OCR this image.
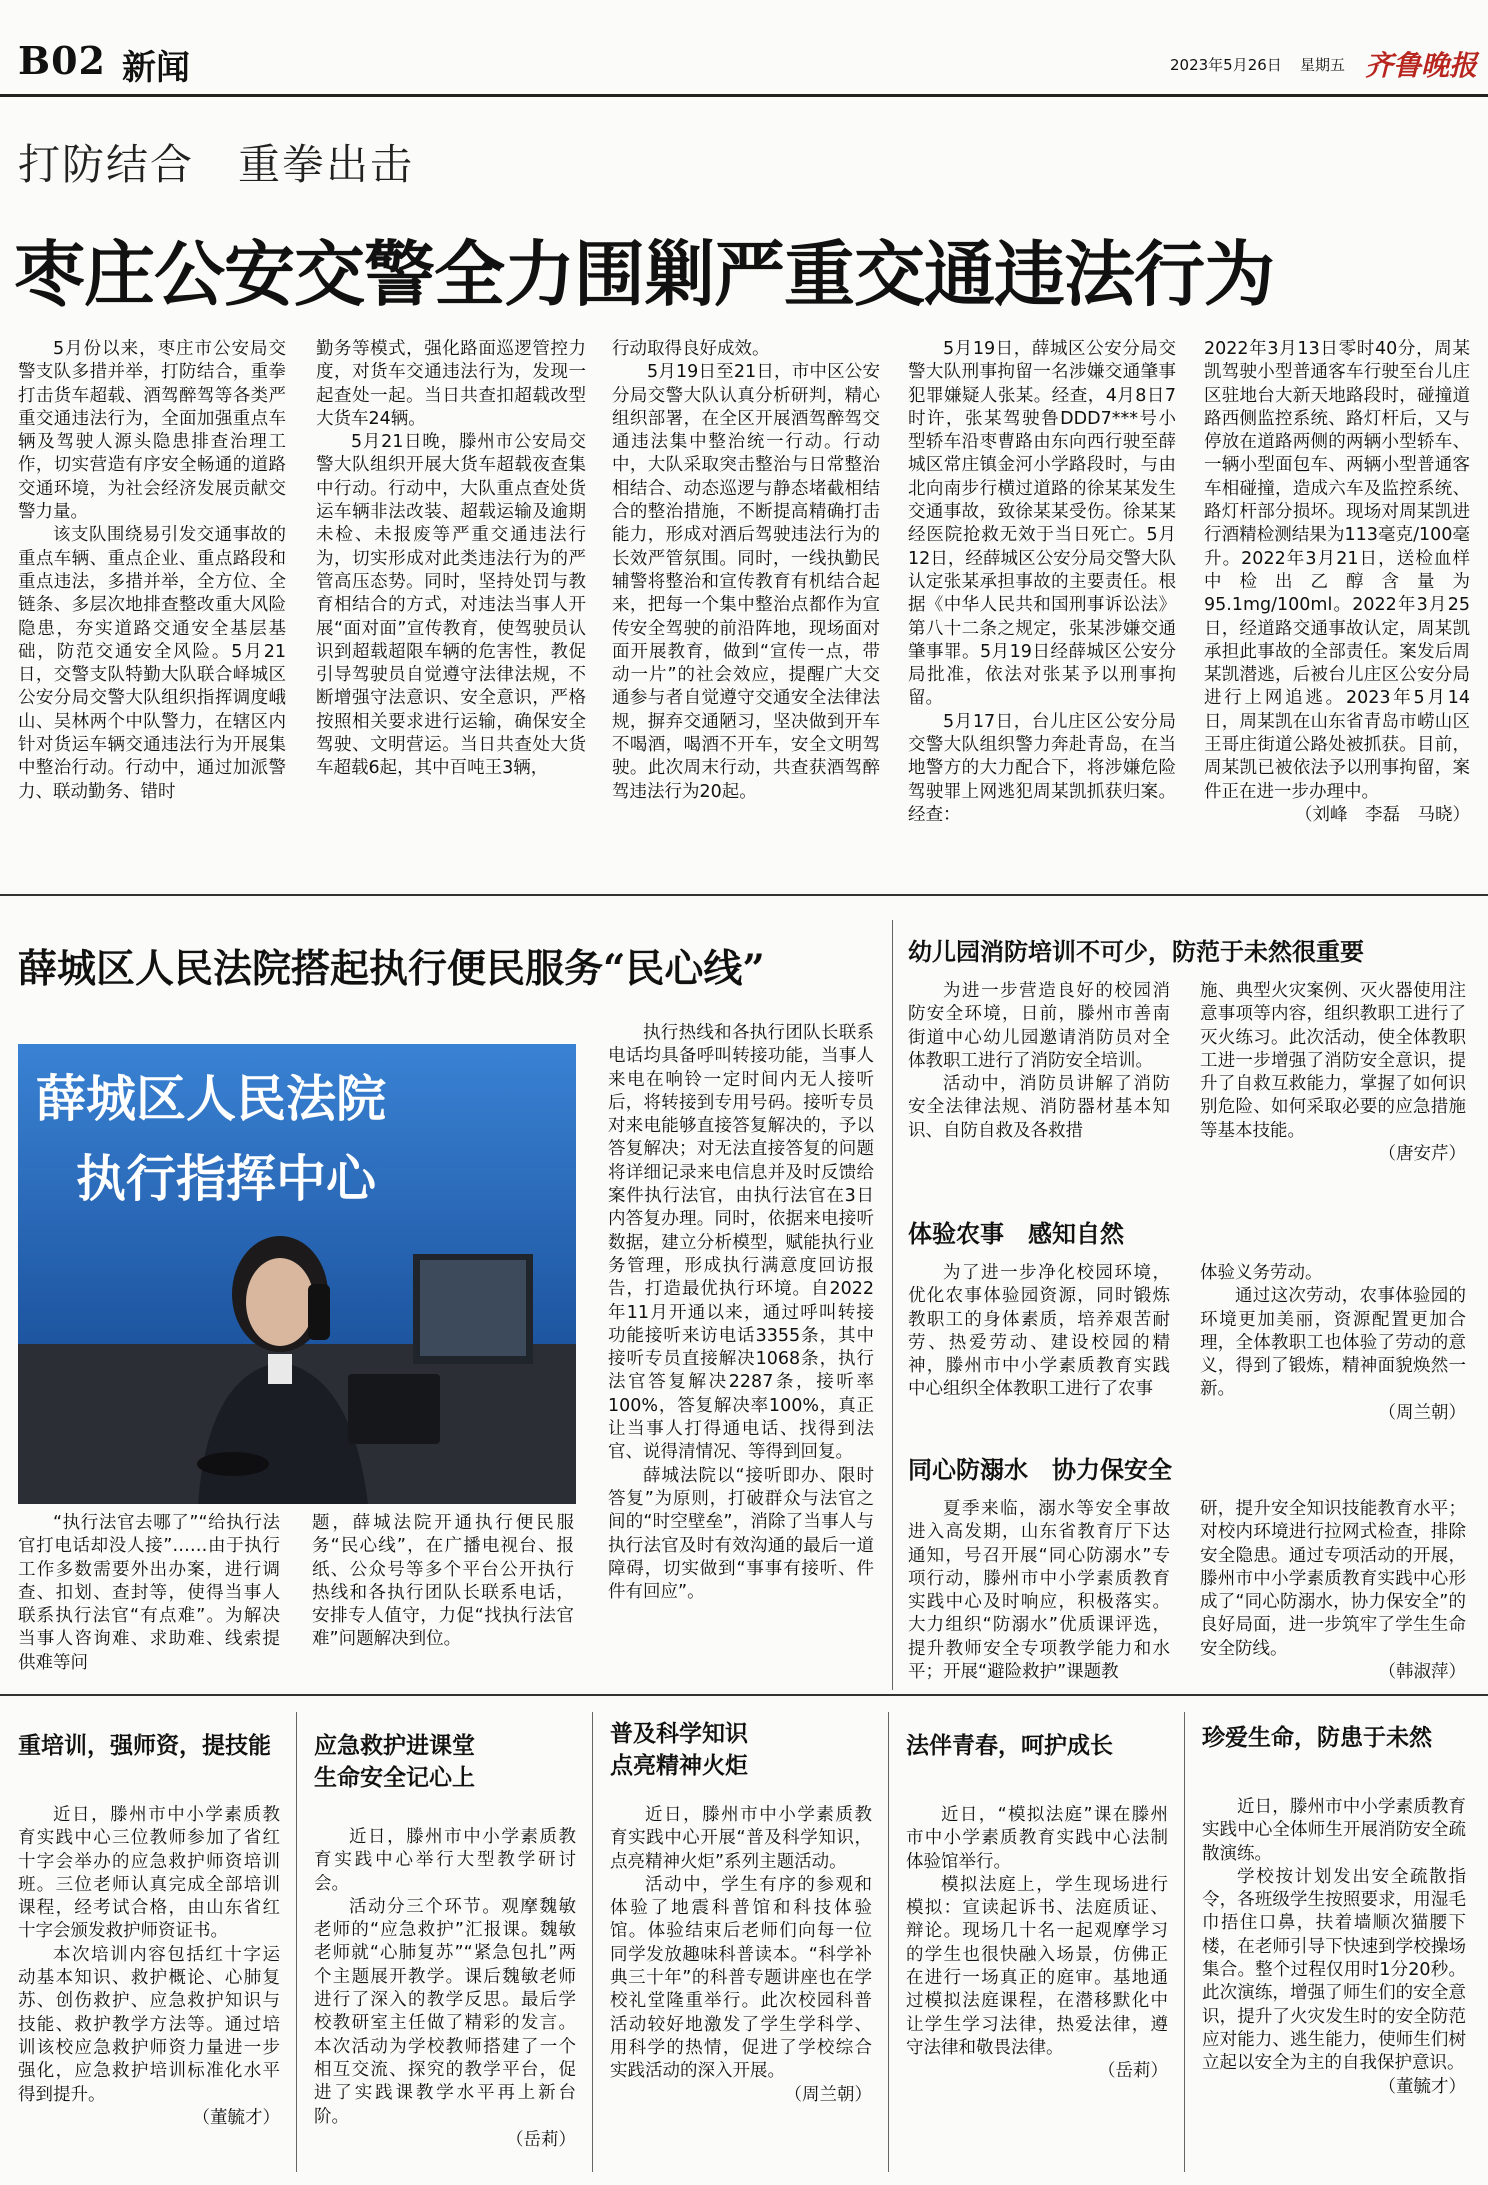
B02 新闻	2023年5月26日 星期五 齐鲁晚报
打防结合　重拳出击
枣庄公安交警全力围剿严重交通违法行为

5月份以来，枣庄市公安局交警支队多措并举，打防结合，重拳打击货车超载、酒驾醉驾等各类严重交通违法行为，全面加强重点车辆及驾驶人源头隐患排查治理工作，切实营造有序安全畅通的道路交通环境，为社会经济发展贡献交警力量。

该支队围绕易引发交通事故的重点车辆、重点企业、重点路段和重点违法，多措并举，全方位、全链条、多层次地排查整改重大风险隐患，夯实道路交通安全基层基础，防范交通安全风险。5月21日，交警支队特勤大队联合峄城区公安分局交警大队组织指挥调度峨山、吴林两个中队警力，在辖区内针对货运车辆交通违法行为开展集中整治行动。行动中，通过加派警力、联动勤务、错时

勤务等模式，强化路面巡逻管控力度，对货车交通违法行为，发现一起查处一起。当日共查扣超载改型大货车24辆。

5月21日晚，滕州市公安局交警大队组织开展大货车超载夜查集中行动。行动中，大队重点查处货运车辆非法改装、超载运输及逾期未检、未报废等严重交通违法行为，切实形成对此类违法行为的严管高压态势。同时，坚持处罚与教育相结合的方式，对违法当事人开展“面对面”宣传教育，使驾驶员认识到超载超限车辆的危害性，教促引导驾驶员自觉遵守法律法规，不断增强守法意识、安全意识，严格按照相关要求进行运输，确保安全驾驶、文明营运。当日共查处大货车超载6起，其中百吨王3辆，

行动取得良好成效。

5月19日至21日，市中区公安分局交警大队认真分析研判，精心组织部署，在全区开展酒驾醉驾交通违法集中整治统一行动。行动中，大队采取突击整治与日常整治相结合、动态巡逻与静态堵截相结合的整治措施，不断提高精确打击能力，形成对酒后驾驶违法行为的长效严管氛围。同时，一线执勤民辅警将整治和宣传教育有机结合起来，把每一个集中整治点都作为宣传安全驾驶的前沿阵地，现场面对面开展教育，做到“宣传一点，带动一片”的社会效应，提醒广大交通参与者自觉遵守交通安全法律法规，摒弃交通陋习，坚决做到开车不喝酒，喝酒不开车，安全文明驾驶。此次周末行动，共查获酒驾醉驾违法行为20起。

5月19日，薛城区公安分局交警大队刑事拘留一名涉嫌交通肇事犯罪嫌疑人张某。经查，4月8日7时许，张某驾驶鲁DDD7***号小型轿车沿枣曹路由东向西行驶至薛城区常庄镇金河小学路段时，与由北向南步行横过道路的徐某某发生交通事故，致徐某某受伤。徐某某经医院抢救无效于当日死亡。5月12日，经薛城区公安分局交警大队认定张某承担事故的主要责任。根据《中华人民共和国刑事诉讼法》第八十二条之规定，张某涉嫌交通肇事罪。5月19日经薛城区公安分局批准，依法对张某予以刑事拘留。

5月17日，台儿庄区公安分局交警大队组织警力奔赴青岛，在当地警方的大力配合下，将涉嫌危险驾驶罪上网逃犯周某凯抓获归案。经查：

2022年3月13日零时40分，周某凯驾驶小型普通客车行驶至台儿庄区驻地台大新天地路段时，碰撞道路西侧监控系统、路灯杆后，又与停放在道路两侧的两辆小型轿车、一辆小型面包车、两辆小型普通客车相碰撞，造成六车及监控系统、路灯杆部分损坏。现场对周某凯进行酒精检测结果为113毫克/100毫升。2022年3月21日，送检血样中检出乙醇含量为95.1mg/100ml。2022年3月25日，经道路交通事故认定，周某凯承担此事故的全部责任。案发后周某凯潜逃，后被台儿庄区公安分局进行上网追逃。2023年5月14日，周某凯在山东省青岛市崂山区王哥庄街道公路处被抓获。目前，周某凯已被依法予以刑事拘留，案件正在进一步办理中。

（刘峰　李磊　马晓）
薛城区人民法院搭起执行便民服务“民心线”
薛城区人民法院
执行指挥中心

“执行法官去哪了”“给执行法官打电话却没人接”……由于执行工作多数需要外出办案，进行调查、扣划、查封等，使得当事人联系执行法官“有点难”。为解决当事人咨询难、求助难、线索提供难等问

题，薛城法院开通执行便民服务“民心线”，在广播电视台、报纸、公众号等多个平台公开执行热线和各执行团队长联系电话，安排专人值守，力促“找执行法官难”问题解决到位。

执行热线和各执行团队长联系电话均具备呼叫转接功能，当事人来电在响铃一定时间内无人接听后，将转接到专用号码。接听专员对来电能够直接答复解决的，予以答复解决；对无法直接答复的问题将详细记录来电信息并及时反馈给案件执行法官，由执行法官在3日内答复办理。同时，依据来电接听数据，建立分析模型，赋能执行业务管理，形成执行满意度回访报告，打造最优执行环境。自2022年11月开通以来，通过呼叫转接功能接听来访电话3355条，其中接听专员直接解决1068条，执行法官答复解决2287条，接听率100%，答复解决率100%，真正让当事人打得通电话、找得到法官、说得清情况、等得到回复。

薛城法院以“接听即办、限时答复”为原则，打破群众与法官之间的“时空壁垒”，消除了当事人与执行法官及时有效沟通的最后一道障碍，切实做到“事事有接听、件件有回应”。

幼儿园消防培训不可少，防范于未然很重要

为进一步营造良好的校园消防安全环境，日前，滕州市善南街道中心幼儿园邀请消防员对全体教职工进行了消防安全培训。

活动中，消防员讲解了消防安全法律法规、消防器材基本知识、自防自救及各救措

施、典型火灾案例、灭火器使用注意事项等内容，组织教职工进行了灭火练习。此次活动，使全体教职工进一步增强了消防安全意识，提升了自救互救能力，掌握了如何识别危险、如何采取必要的应急措施等基本技能。

（唐安芹）
体验农事　感知自然

为了进一步净化校园环境，优化农事体验园资源，同时锻炼教职工的身体素质，培养艰苦耐劳、热爱劳动、建设校园的精神，滕州市中小学素质教育实践中心组织全体教职工进行了农事

体验义务劳动。

通过这次劳动，农事体验园的环境更加美丽，资源配置更加合理，全体教职工也体验了劳动的意义，得到了锻炼，精神面貌焕然一新。

（周兰朝）
同心防溺水　协力保安全

夏季来临，溺水等安全事故进入高发期，山东省教育厅下达通知，号召开展“同心防溺水”专项行动，滕州市中小学素质教育实践中心及时响应，积极落实。大力组织“防溺水”优质课评选，提升教师安全专项教学能力和水平；开展“避险救护”课题教

研，提升安全知识技能教育水平；对校内环境进行拉网式检查，排除安全隐患。通过专项活动的开展，滕州市中小学素质教育实践中心形成了“同心防溺水，协力保安全”的良好局面，进一步筑牢了学生生命安全防线。

（韩淑萍）
重培训，强师资，提技能

近日，滕州市中小学素质教育实践中心三位教师参加了省红十字会举办的应急救护师资培训班。三位老师认真完成全部培训课程，经考试合格，由山东省红十字会颁发救护师资证书。

本次培训内容包括红十字运动基本知识、救护概论、心肺复苏、创伤救护、应急救护知识与技能、救护教学方法等。通过培训该校应急救护师资力量进一步强化，应急救护培训标准化水平得到提升。

（董毓才）
应急救护进课堂
生命安全记心上

近日，滕州市中小学素质教育实践中心举行大型教学研讨会。

活动分三个环节。观摩魏敏老师的“应急救护”汇报课。魏敏老师就“心肺复苏”“紧急包扎”两个主题展开教学。课后魏敏老师进行了深入的教学反思。最后学校教研室主任做了精彩的发言。本次活动为学校教师搭建了一个相互交流、探究的教学平台，促进了实践课教学水平再上新台阶。

（岳莉）
普及科学知识
点亮精神火炬

近日，滕州市中小学素质教育实践中心开展“普及科学知识，点亮精神火炬”系列主题活动。

活动中，学生有序的参观和体验了地震科普馆和科技体验馆。体验结束后老师们向每一位同学发放趣味科普读本。“科学补典三十年”的科普专题讲座也在学校礼堂隆重举行。此次校园科普活动较好地激发了学生学科学、用科学的热情，促进了学校综合实践活动的深入开展。

（周兰朝）
法伴青春，呵护成长

近日，“模拟法庭”课在滕州市中小学素质教育实践中心法制体验馆举行。

模拟法庭上，学生现场进行模拟：宣读起诉书、法庭质证、辩论。现场几十名一起观摩学习的学生也很快融入场景，仿佛正在进行一场真正的庭审。基地通过模拟法庭课程，在潜移默化中让学生学习法律，热爱法律，遵守法律和敬畏法律。

（岳莉）
珍爱生命，防患于未然

近日，滕州市中小学素质教育实践中心全体师生开展消防安全疏散演练。

学校按计划发出安全疏散指令，各班级学生按照要求，用湿毛巾捂住口鼻，扶着墙顺次猫腰下楼，在老师引导下快速到学校操场集合。整个过程仅用时1分20秒。此次演练，增强了师生们的安全意识，提升了火灾发生时的安全防范应对能力、逃生能力，使师生们树立起以安全为主的自我保护意识。

（董毓才）
